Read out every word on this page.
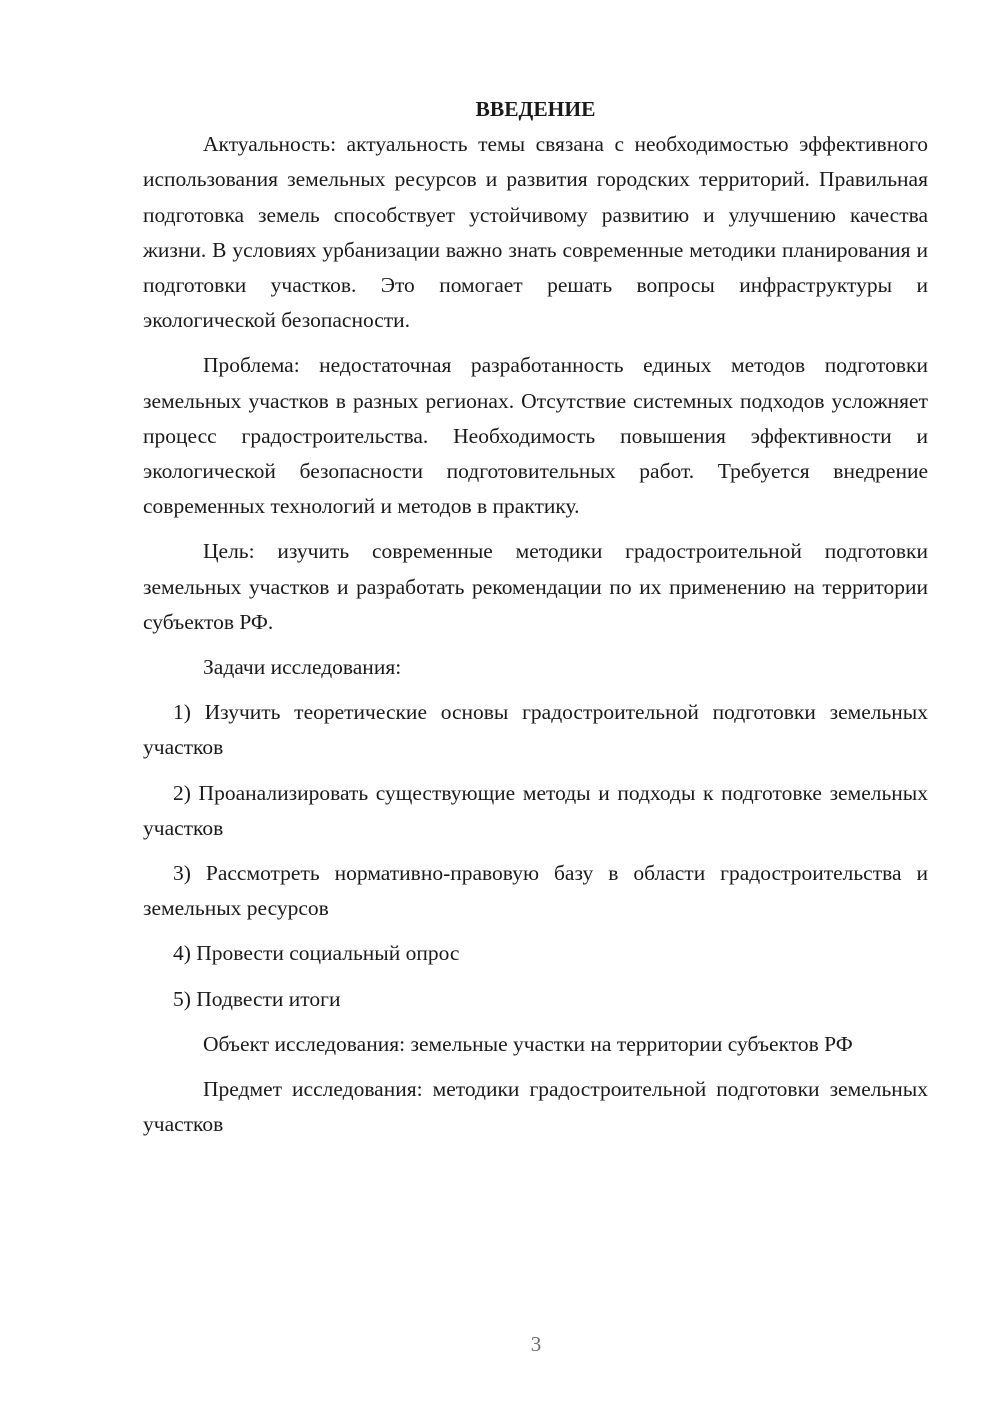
ВВЕДЕНИЕ

Актуальность: актуальность темы связана с необходимостью эффективного использования земельных ресурсов и развития городских территорий. Правильная подготовка земель способствует устойчивому развитию и улучшению качества жизни. В условиях урбанизации важно знать современные методики планирования и подготовки участков. Это помогает решать вопросы инфраструктуры и экологической безопасности.

Проблема: недостаточная разработанность единых методов подготовки земельных участков в разных регионах. Отсутствие системных подходов усложняет процесс градостроительства. Необходимость повышения эффективности и экологической безопасности подготовительных работ. Требуется внедрение современных технологий и методов в практику.

Цель: изучить современные методики градостроительной подготовки земельных участков и разработать рекомендации по их применению на территории субъектов РФ.

Задачи исследования:

1) Изучить теоретические основы градостроительной подготовки земельных участков

2) Проанализировать существующие методы и подходы к подготовке земельных участков

3) Рассмотреть нормативно-правовую базу в области градостроительства и земельных ресурсов

4) Провести социальный опрос

5) Подвести итоги

Объект исследования: земельные участки на территории субъектов РФ

Предмет исследования: методики градостроительной подготовки земельных участков

3
